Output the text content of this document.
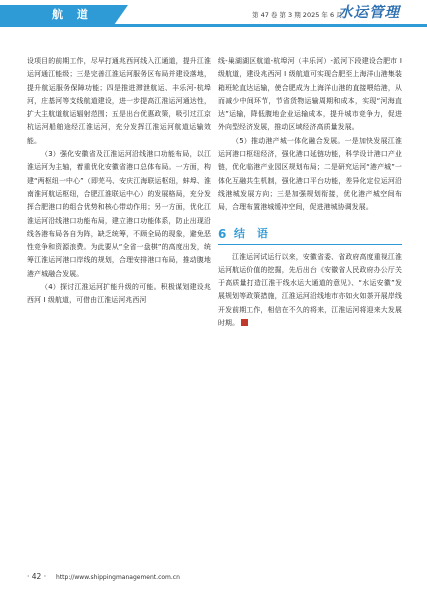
航 道	第 47 卷 第 3 期 2025 年 6 月
水运管理

设项目的前期工作，尽早打通兆西河线入江通道，提升江淮运河通江能级；三是完善江淮运河服务区布局并建设落地，提升航运服务保障功能；四是推进滞泄航运、丰乐河-杭埠河，庄基河等支线航道建设，进一步提高江淮运河通达性，扩大主航道航运辐射范围；五是出台优惠政策，吸引过江京杭运河船舶途经江淮运河，充分发挥江淮运河航道运输效能。

（3）强化安徽省及江淮运河沿线港口功能布局，以江淮运河为主轴，着重优化安徽省港口总体布局。一方面，构建“两枢纽一中心”（即芜马、安庆江海联运枢纽，蚌埠、淮南淮河航运枢纽，合肥江淮联运中心）的发展格局，充分发挥合肥港口的组合优势和核心带动作用；另一方面，优化江淮运河沿线港口功能布局，建立港口功能体系，防止出现沿线各港布局各自为阵，缺乏统筹，不顾全局的现象，避免恶性竞争和资源浪费。为此要从“全省一盘棋”的高度出发，统筹江淮运河港口岸线的规划，合理安排港口布局，推动腹地港产城融合发展。

（4）探讨江淮运河扩能升级的可能。积极谋划建设兆西河 I 级航道，可借由江淮运河兆西河

线-巢湖湖区航道-杭埠河（丰乐河）-派河下段建设合肥市 I 级航道，建设兆西河 I 级航道可实现合肥至上海洋山港集装箱班轮直达运输，使合肥成为上海洋山港的直接喂给港，从而减少中间环节，节省货物运输周期和成本，实现“河海直达”运输，降低腹地企业运输成本，提升城市竞争力，促进外向型经济发展，推动区域经济高质量发展。

（5）推动港产城一体化融合发展。一是加快发展江淮运河港口枢纽经济，强化港口延链功能，科学设计港口产业链，优化临港产业园区规划布局；二是研究运河“港产城”一体化互融共生机制，强化港口平台功能，差异化定位运河沿线港城发展方向；三是加强规划衔接，优化港产城空间布局，合理布置港城缓冲空间，促进港城协调发展。

6 结 语

江淮运河试运行以来，安徽省委、省政府高度重视江淮运河航运价值的挖掘，先后出台《安徽省人民政府办公厅关于高质量打造江淮干线水运大通道的意见》、“水运安徽”发展规划等政策措施，江淮运河沿线地市亦如火如荼开展岸线开发前期工作，相信在不久的将来，江淮运河将迎来大发展时期。

· 42 · http://www.shippingmanagement.com.cn
